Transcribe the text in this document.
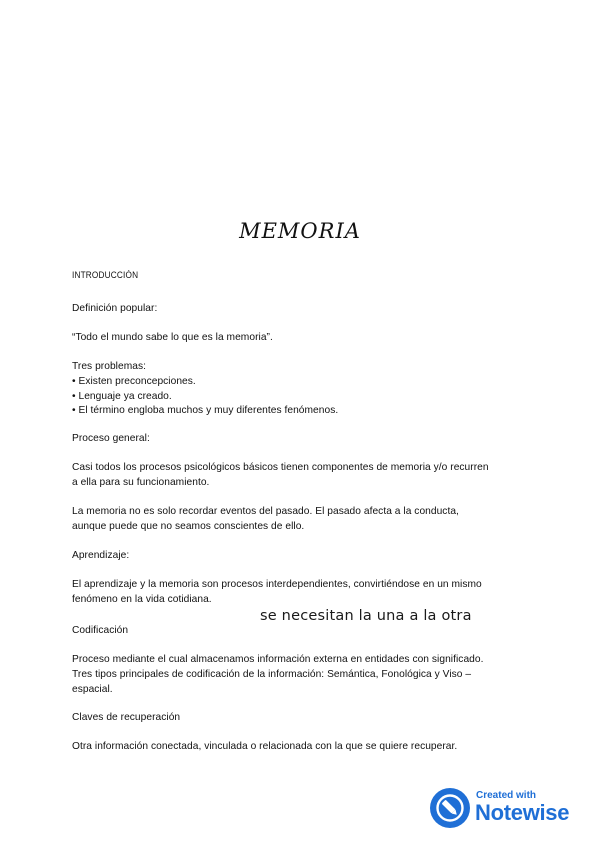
MEMORIA
INTRODUCCIÓN
Definición popular:
“Todo el mundo sabe lo que es la memoria”.
Tres problemas:
• Existen preconcepciones.
• Lenguaje ya creado.
• El término engloba muchos y muy diferentes fenómenos.
Proceso general:
Casi todos los procesos psicológicos básicos tienen componentes de memoria y/o recurren
a ella para su funcionamiento.
La memoria no es solo recordar eventos del pasado. El pasado afecta a la conducta,
aunque puede que no seamos conscientes de ello.
Aprendizaje:
El aprendizaje y la memoria son procesos interdependientes, convirtiéndose en un mismo
fenómeno en la vida cotidiana.
se necesitan la una a la otra
Codificación
Proceso mediante el cual almacenamos información externa en entidades con significado.
Tres tipos principales de codificación de la información: Semántica, Fonológica y Viso –
espacial.
Claves de recuperación
Otra información conectada, vinculada o relacionada con la que se quiere recuperar.
Created with
Notewise
